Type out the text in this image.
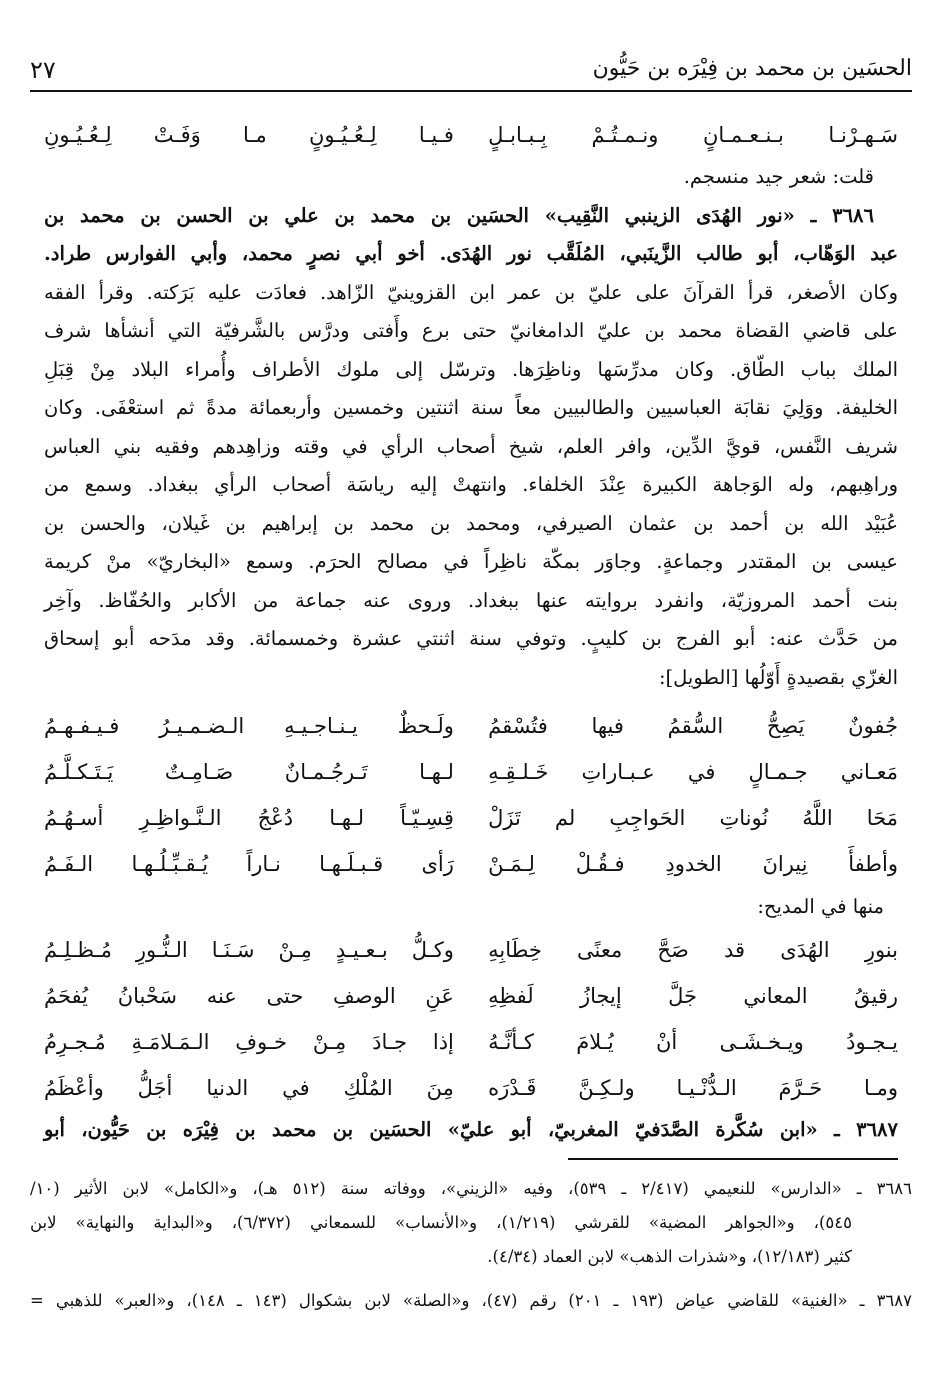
الحسَين بن محمد بن فِيْرَه بن حَيُّون
٢٧
سَـهـرْنـا بـنـعـمـانٍ ونـمـتُـمْ بِـبـابـلٍ
فـيـا لِـعُـيُـونٍ مـا وَفَـتْ لِـعُـيُـونِ
قلت: شعر جيد منسجم.
٣٦٨٦ ـ «نور الهُدَى الزينبي النَّقِيب» الحسَين بن محمد بن علي بن الحسن بن محمد بن
عبد الوَهّاب، أبو طالب الزَّينَبي، المُلَقَّب نور الهُدَى. أخو أبي نصرٍ محمد، وأبي الفوارس طراد.
وكان الأصغر، قرأ القرآنَ على عليّ بن عمر ابن القزوينيّ الزّاهد. فعادَت عليه بَرَكته. وقرأ الفقه
على قاضي القضاة محمد بن عليّ الدامغانيّ حتى برع وأَفتى ودرَّس بالشَّرفيّة التي أنشأها شرف
الملك بباب الطّاق. وكان مدرِّسَها وناظِرَها. وترسّل إلى ملوك الأطراف وأُمراء البلاد مِنْ قِبَلِ
الخليفة. ووَلِيَ نقابَة العباسيين والطالبيين معاً سنة اثنتين وخمسين وأربعمائة مدةً ثم استعْفَى. وكان
شريف النَّفس، قويَّ الدِّين، وافر العلم، شيخ أصحاب الرأي في وقته وزاهِدهم وفقيه بني العباس
وراهِبهم، وله الوَجاهة الكبيرة عِنْدَ الخلفاء. وانتهتْ إليه رياسَة أصحاب الرأي ببغداد. وسمع من
عُبَيْد الله بن أحمد بن عثمان الصيرفي، ومحمد بن محمد بن إبراهيم بن غَيلان، والحسن بن
عيسى بن المقتدر وجماعةٍ. وجاوَر بمكّة ناظِراً في مصالح الحرَم. وسمع «البخاريّ» منْ كريمة
بنت أحمد المروزيّة، وانفرد بروايته عنها ببغداد. وروى عنه جماعة من الأكابر والحُفّاظ. وآخِر
من حَدَّث عنه: أبو الفرج بن كليبٍ. وتوفي سنة اثنتي عشرة وخمسمائة. وقد مدَحه أبو إسحاق
الغزّي بقصيدةٍ أَوّلُها [الطويل]:
جُفونٌ يَصِحُّ السُّقمُ فيها فتُسْقمُ
ولَـحظٌ يـنـاجـيـهِ الـضـمـيـرُ فـيـفـهـمُ
مَعـاني جـمـالٍ في عـبـاراتِ خَـلـقِـهِ
لـهـا تَـرجُـمـانٌ صَـامِـتٌ يَـتَـكـلَّـمُ
مَحَا اللَّهُ نُوناتِ الحَواجِبِ لم تَزَلْ
قِسِـيّـاً لـهـا دُعْجُ الـنَّـواظِـرِ أسـهُـمُ
وأطفأَ نِيرانَ الخدودِ فـقُـلْ لِـمَـنْ
رَأى قـبـلَـهـا نـاراً يُـقـبِّـلُـهـا الـفَـمُ
منها في المديح:
بنورِ الهُدَى قد صَحَّ معنًى خِطَابِهِ
وكـلُّ بـعـيـدٍ مِـنْ سَـنَـا الـنُّـورِ مُـظـلِـمُ
رقيقُ المعاني جَلَّ إيجازُ لَفظِهِ
عَنِ الوصفِ حتى عنه سَحْبانُ يُفحَمُ
يـجـودُ ويـخـشَـى أنْ يُـلامَ كـأنَّـهُ
إذا جـادَ مِـنْ خـوفِ الـمَـلامَـةِ مُـجـرِمُ
ومـا حَـرَّمَ الـدُّنْـيـا ولـكِـنَّ قَـدْرَه
مِنَ المُلْكِ في الدنيا أجَلُّ وأعْظَمُ
٣٦٨٧ ـ «ابن سُكَّرة الصَّدَفيّ المغربيّ، أبو عليّ» الحسَين بن محمد بن فِيْرَه بن حَيُّون، أبو
٣٦٨٦ ـ «الدارس» للنعيمي (٢/٤١٧ ـ ٥٣٩)، وفيه «الزيني»، ووفاته سنة (٥١٢ هـ)، و«الكامل» لابن الأثير (١٠/
٥٤٥)، و«الجواهر المضية» للقرشي (١/٢١٩)، و«الأنساب» للسمعاني (٦/٣٧٢)، و«البداية والنهاية» لابن
كثير (١٢/١٨٣)، و«شذرات الذهب» لابن العماد (٤/٣٤).
٣٦٨٧ ـ «الغنية» للقاضي عياض (١٩٣ ـ ٢٠١) رقم (٤٧)، و«الصلة» لابن بشكوال (١٤٣ ـ ١٤٨)، و«العبر» للذهبي =
